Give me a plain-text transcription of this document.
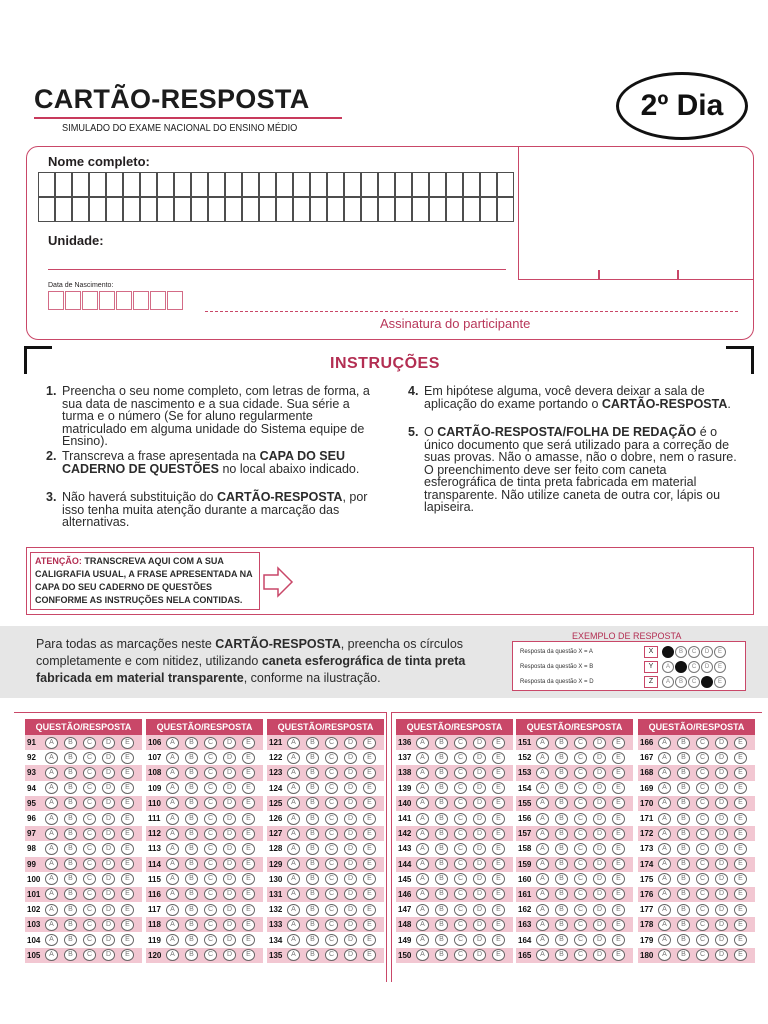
CARTÃO-RESPOSTA
SIMULADO DO EXAME NACIONAL DO ENSINO MÉDIO
2º Dia
Nome completo:
Unidade:
Data de Nascimento:
Assinatura do participante
INSTRUÇÕES
1. Preencha o seu nome completo, com letras de forma, a sua data de nascimento e a sua cidade. Sua série a turma e o número (Se for aluno regularmente matriculado em alguma unidade do Sistema equipe de Ensino).
2. Transcreva a frase apresentada na CAPA DO SEU CADERNO DE QUESTÕES no local abaixo indicado.
3. Não haverá substituição do CARTÃO-RESPOSTA, por isso tenha muita atenção durante a marcação das alternativas.
4. Em hipótese alguma, você devera deixar a sala de aplicação do exame portando o CARTÃO-RESPOSTA.
5. O CARTÃO-RESPOSTA/FOLHA DE REDAÇÃO é o único documento que será utilizado para a correção de suas provas. Não o amasse, não o dobre, nem o rasure. O preenchimento deve ser feito com caneta esferográfica de tinta preta fabricada em material transparente. Não utilize caneta de outra cor, lápis ou lapiseira.
ATENÇÃO: TRANSCREVA AQUI COM A SUA CALIGRAFIA USUAL, A FRASE APRESENTADA NA CAPA DO SEU CADERNO DE QUESTÕES CONFORME AS INSTRUÇÕES NELA CONTIDAS.
Para todas as marcações neste CARTÃO-RESPOSTA, preencha os círculos completamente e com nitidez, utilizando caneta esferográfica de tinta preta fabricada em material transparente, conforme na ilustração.
EXEMPLO DE RESPOSTA
Resposta da questão X = A	X	B	C	D	E
Resposta da questão X = B	Y	A	C	D	E
Resposta da questão X = D	Z	A	B	C	E
QUESTÃO/RESPOSTA
91	A	B	C	D	E
92	A	B	C	D	E
93	A	B	C	D	E
94	A	B	C	D	E
95	A	B	C	D	E
96	A	B	C	D	E
97	A	B	C	D	E
98	A	B	C	D	E
99	A	B	C	D	E
100	A	B	C	D	E
101	A	B	C	D	E
102	A	B	C	D	E
103	A	B	C	D	E
104	A	B	C	D	E
105	A	B	C	D	E
QUESTÃO/RESPOSTA
106	A	B	C	D	E
107	A	B	C	D	E
108	A	B	C	D	E
109	A	B	C	D	E
110	A	B	C	D	E
111	A	B	C	D	E
112	A	B	C	D	E
113	A	B	C	D	E
114	A	B	C	D	E
115	A	B	C	D	E
116	A	B	C	D	E
117	A	B	C	D	E
118	A	B	C	D	E
119	A	B	C	D	E
120	A	B	C	D	E
QUESTÃO/RESPOSTA
121	A	B	C	D	E
122	A	B	C	D	E
123	A	B	C	D	E
124	A	B	C	D	E
125	A	B	C	D	E
126	A	B	C	D	E
127	A	B	C	D	E
128	A	B	C	D	E
129	A	B	C	D	E
130	A	B	C	D	E
131	A	B	C	D	E
132	A	B	C	D	E
133	A	B	C	D	E
134	A	B	C	D	E
135	A	B	C	D	E
QUESTÃO/RESPOSTA
136	A	B	C	D	E
137	A	B	C	D	E
138	A	B	C	D	E
139	A	B	C	D	E
140	A	B	C	D	E
141	A	B	C	D	E
142	A	B	C	D	E
143	A	B	C	D	E
144	A	B	C	D	E
145	A	B	C	D	E
146	A	B	C	D	E
147	A	B	C	D	E
148	A	B	C	D	E
149	A	B	C	D	E
150	A	B	C	D	E
QUESTÃO/RESPOSTA
151	A	B	C	D	E
152	A	B	C	D	E
153	A	B	C	D	E
154	A	B	C	D	E
155	A	B	C	D	E
156	A	B	C	D	E
157	A	B	C	D	E
158	A	B	C	D	E
159	A	B	C	D	E
160	A	B	C	D	E
161	A	B	C	D	E
162	A	B	C	D	E
163	A	B	C	D	E
164	A	B	C	D	E
165	A	B	C	D	E
QUESTÃO/RESPOSTA
166	A	B	C	D	E
167	A	B	C	D	E
168	A	B	C	D	E
169	A	B	C	D	E
170	A	B	C	D	E
171	A	B	C	D	E
172	A	B	C	D	E
173	A	B	C	D	E
174	A	B	C	D	E
175	A	B	C	D	E
176	A	B	C	D	E
177	A	B	C	D	E
178	A	B	C	D	E
179	A	B	C	D	E
180	A	B	C	D	E
